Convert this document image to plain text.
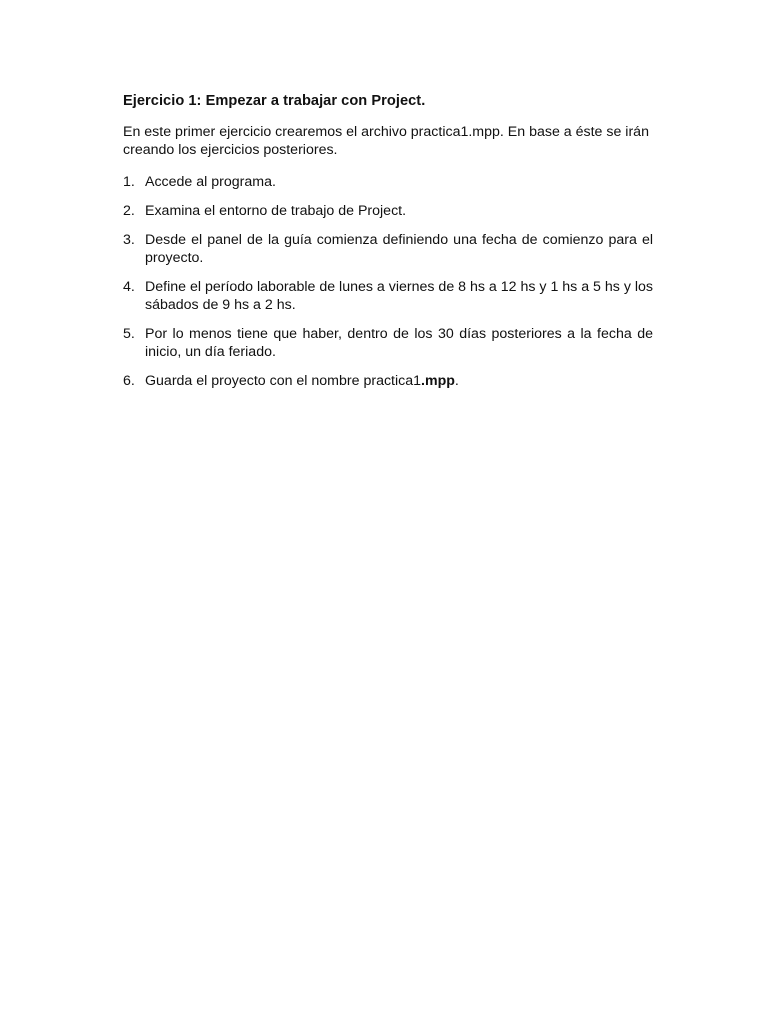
Ejercicio 1: Empezar a trabajar con Project.
En este primer ejercicio crearemos el archivo practica1.mpp. En base a éste se irán creando los ejercicios posteriores.
1. Accede al programa.
2. Examina el entorno de trabajo de Project.
3. Desde el panel de la guía comienza definiendo una fecha de comienzo para el proyecto.
4. Define el período laborable de lunes a viernes de 8 hs a 12 hs y 1 hs a 5 hs y los sábados de 9 hs a 2 hs.
5. Por lo menos tiene que haber, dentro de los 30 días posteriores a la fecha de inicio, un día feriado.
6. Guarda el proyecto con el nombre practica1.mpp.
